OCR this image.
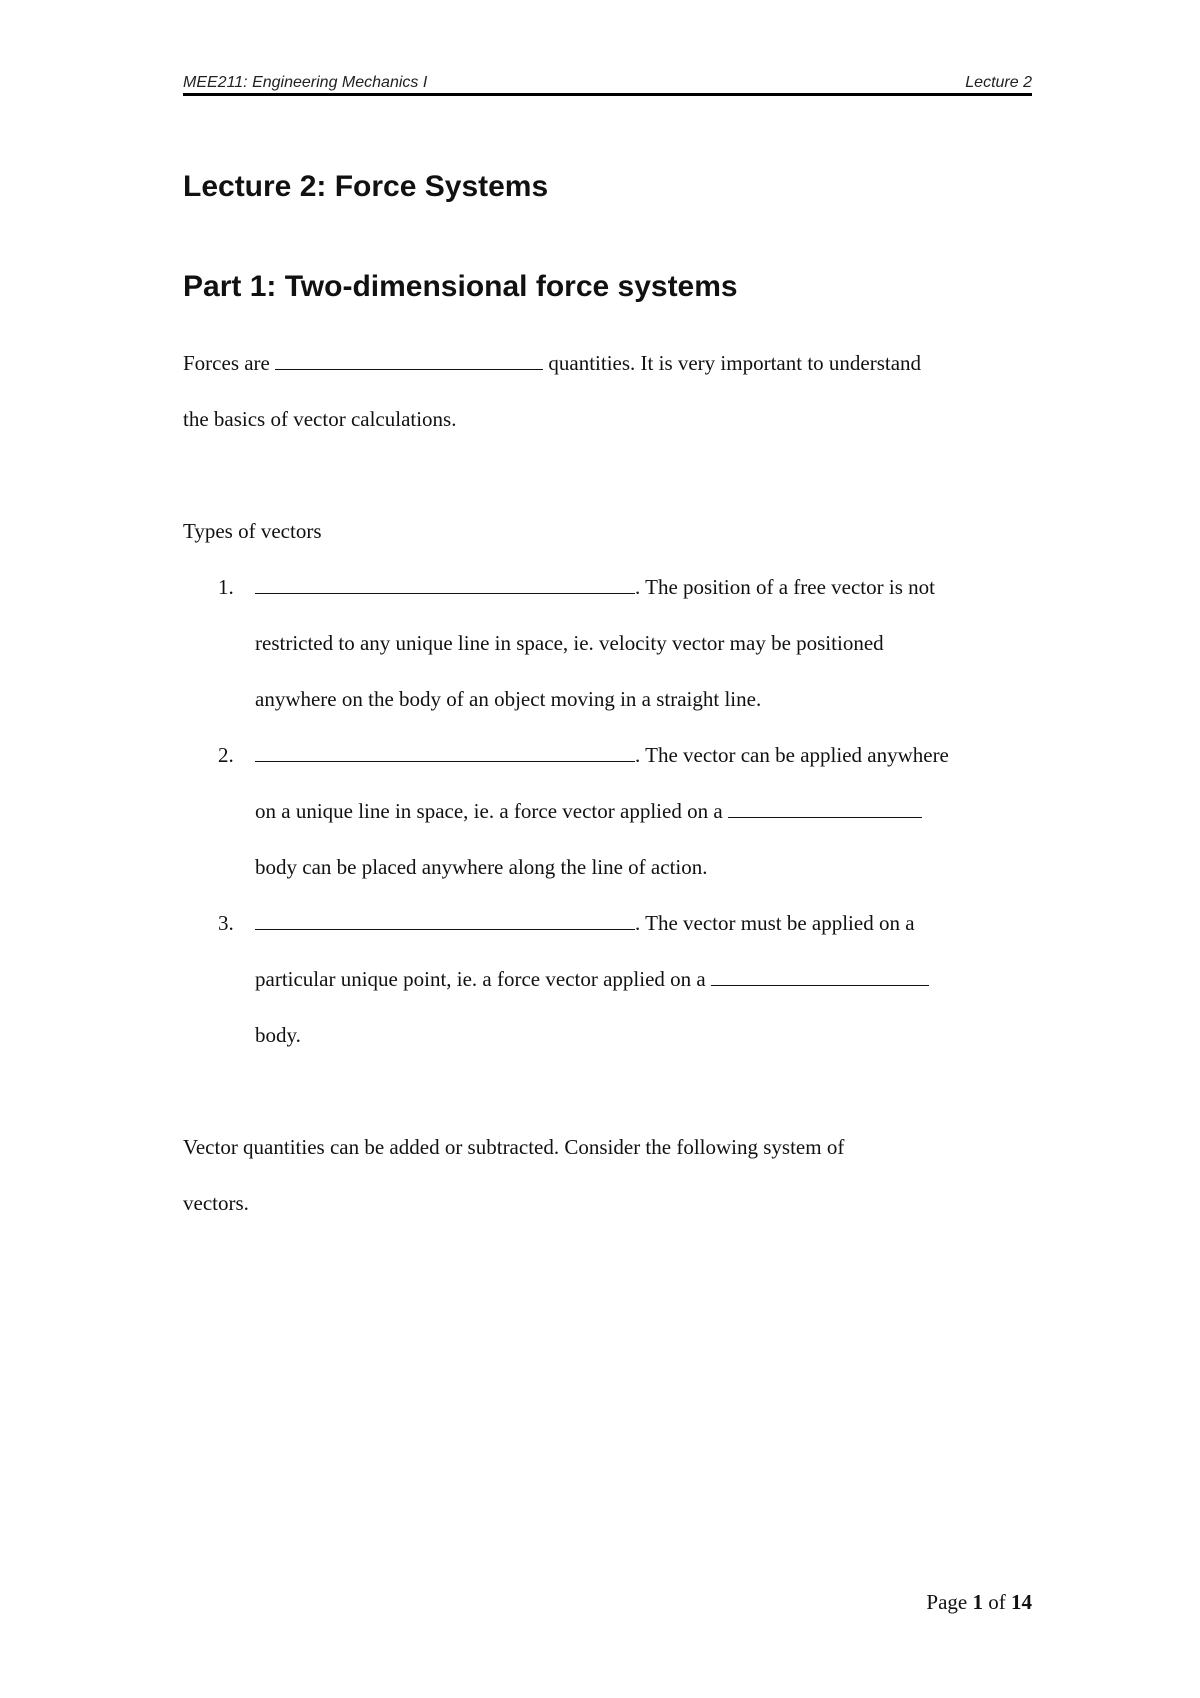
MEE211: Engineering Mechanics I	Lecture 2
Lecture 2: Force Systems
Part 1: Two-dimensional force systems
Forces are	quantities. It is very important to understand
the basics of vector calculations.
Types of vectors
1.	. The position of a free vector is not
restricted to any unique line in space, ie. velocity vector may be positioned
anywhere on the body of an object moving in a straight line.
2.	. The vector can be applied anywhere
on a unique line in space, ie. a force vector applied on a
body can be placed anywhere along the line of action.
3.	. The vector must be applied on a
particular unique point, ie. a force vector applied on a
body.
Vector quantities can be added or subtracted. Consider the following system of
vectors.
Page 1 of 14
